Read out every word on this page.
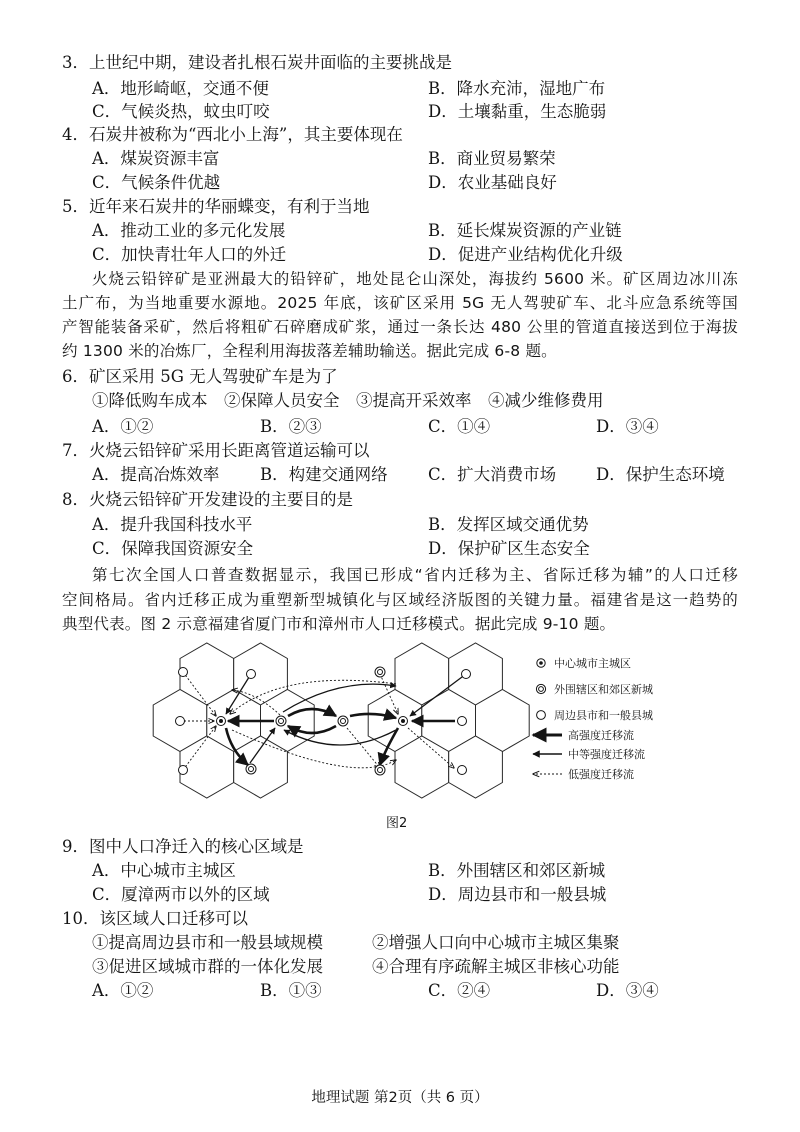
3．上世纪中期，建设者扎根石炭井面临的主要挑战是
A．地形崎岖，交通不便	B．降水充沛，湿地广布
C．气候炎热，蚊虫叮咬	D．土壤黏重，生态脆弱
4．石炭井被称为“西北小上海”，其主要体现在
A．煤炭资源丰富	B．商业贸易繁荣
C．气候条件优越	D．农业基础良好
5．近年来石炭井的华丽蝶变，有利于当地
A．推动工业的多元化发展	B．延长煤炭资源的产业链
C．加快青壮年人口的外迁	D．促进产业结构优化升级
火烧云铅锌矿是亚洲最大的铅锌矿，地处昆仑山深处，海拔约 5600 米。矿区周边冰川冻
土广布，为当地重要水源地。2025 年底，该矿区采用 5G 无人驾驶矿车、北斗应急系统等国
产智能装备采矿，然后将粗矿石碎磨成矿浆，通过一条长达 480 公里的管道直接送到位于海拔
约 1300 米的冶炼厂，全程利用海拔落差辅助输送。据此完成 6-8 题。
6．矿区采用 5G 无人驾驶矿车是为了
①降低购车成本　②保障人员安全　③提高开采效率　④减少维修费用
A．①②	B．②③	C．①④	D．③④
7．火烧云铅锌矿采用长距离管道运输可以
A．提高冶炼效率 B．构建交通网络 C．扩大消费市场 D．保护生态环境
8．火烧云铅锌矿开发建设的主要目的是
A．提升我国科技水平	B．发挥区域交通优势
C．保障我国资源安全	D．保护矿区生态安全
第七次全国人口普查数据显示，我国已形成“省内迁移为主、省际迁移为辅”的人口迁移
空间格局。省内迁移正成为重塑新型城镇化与区域经济版图的关键力量。福建省是这一趋势的
典型代表。图 2 示意福建省厦门市和漳州市人口迁移模式。据此完成 9-10 题。
中心城市主城区
外围辖区和郊区新城
周边县市和一般县城
高强度迁移流
中等强度迁移流
低强度迁移流
图2
9．图中人口净迁入的核心区域是
A．中心城市主城区	B．外围辖区和郊区新城
C．厦漳两市以外的区域	D．周边县市和一般县城
10．该区域人口迁移可以
①提高周边县市和一般县域规模	②增强人口向中心城市主城区集聚
③促进区域城市群的一体化发展	④合理有序疏解主城区非核心功能
A．①②	B．①③	C．②④	D．③④
地理试题 第2页（共 6 页）
